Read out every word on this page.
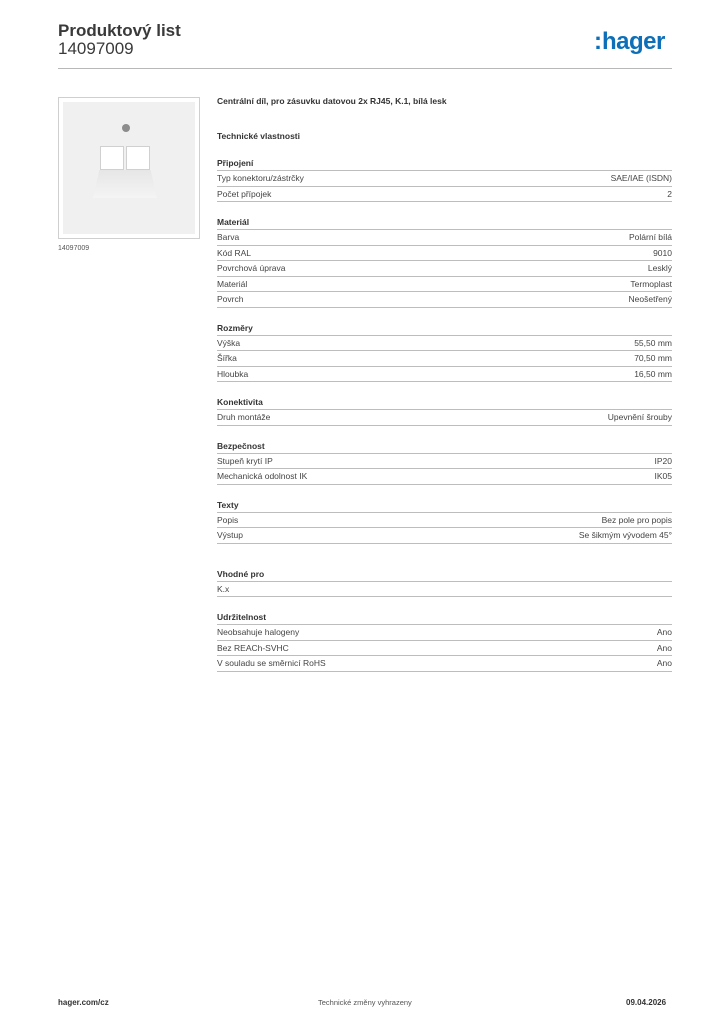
Produktový list
14097009	:hager
14097009
Centrální díl, pro zásuvku datovou 2x RJ45, K.1, bílá lesk
Technické vlastnosti
Připojení
Typ konektoru/zástrčky	SAE/IAE (ISDN)
Počet přípojek	2
Materiál
Barva	Polární bílá
Kód RAL	9010
Povrchová úprava	Lesklý
Materiál	Termoplast
Povrch	Neošetřený
Rozměry
Výška	55,50 mm
Šířka	70,50 mm
Hloubka	16,50 mm
Konektivita
Druh montáže	Upevnění šrouby
Bezpečnost
Stupeň krytí IP	IP20
Mechanická odolnost IK	IK05
Texty
Popis	Bez pole pro popis
Výstup	Se šikmým vývodem 45°
Vhodné pro
K.x
Udržitelnost
Neobsahuje halogeny	Ano
Bez REACh-SVHC	Ano
V souladu se směrnicí RoHS	Ano
hager.com/cz	Technické změny vyhrazeny	09.04.2026
